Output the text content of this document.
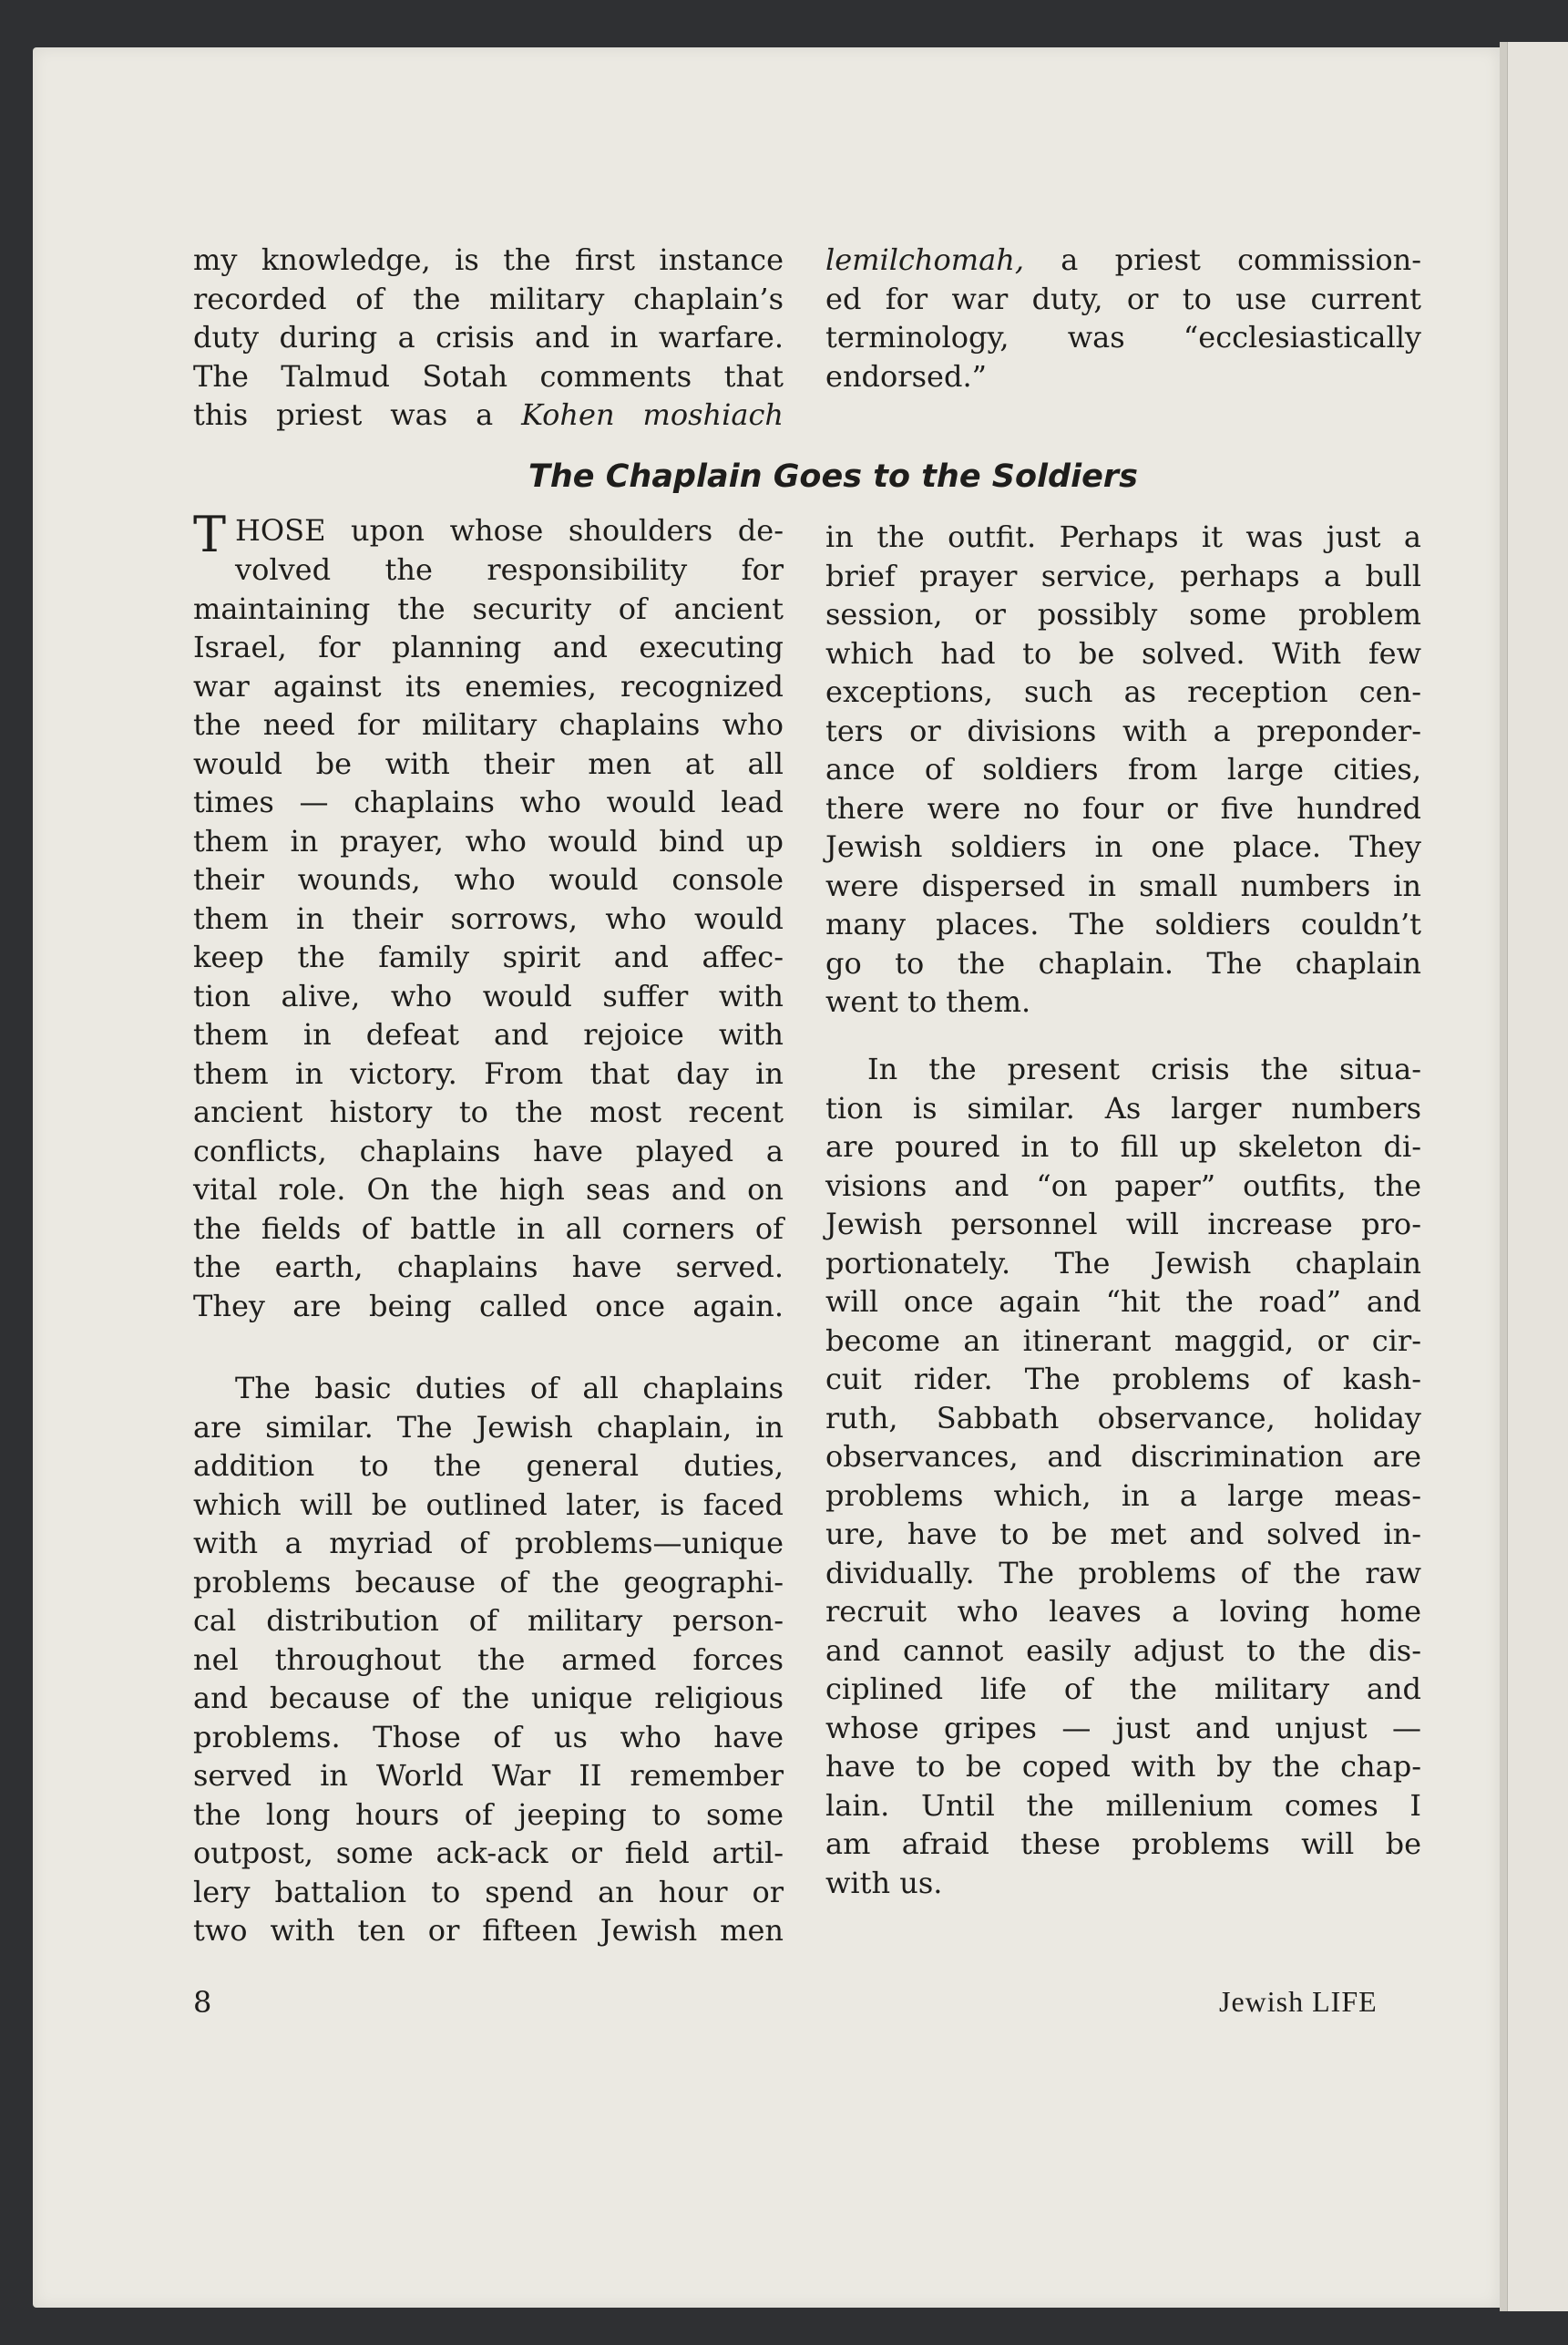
my knowledge, is the first instance
recorded of the military chaplain’s
duty during a crisis and in warfare.
The Talmud Sotah comments that
this priest was a Kohen moshiach
lemilchomah, a priest commission-
ed for war duty, or to use current
terminology, was “ecclesiastically
endorsed.”
The Chaplain Goes to the Soldiers
T HOSE upon whose shoulders de-
volved the responsibility for
maintaining the security of ancient
Israel, for planning and executing
war against its enemies, recognized
the need for military chaplains who
would be with their men at all
times — chaplains who would lead
them in prayer, who would bind up
their wounds, who would console
them in their sorrows, who would
keep the family spirit and affec-
tion alive, who would suffer with
them in defeat and rejoice with
them in victory. From that day in
ancient history to the most recent
conflicts, chaplains have played a
vital role. On the high seas and on
the fields of battle in all corners of
the earth, chaplains have served.
They are being called once again.
The basic duties of all chaplains
are similar. The Jewish chaplain, in
addition to the general duties,
which will be outlined later, is faced
with a myriad of problems—unique
problems because of the geographi-
cal distribution of military person-
nel throughout the armed forces
and because of the unique religious
problems. Those of us who have
served in World War II remember
the long hours of jeeping to some
outpost, some ack-ack or field artil-
lery battalion to spend an hour or
two with ten or fifteen Jewish men
in the outfit. Perhaps it was just a
brief prayer service, perhaps a bull
session, or possibly some problem
which had to be solved. With few
exceptions, such as reception cen-
ters or divisions with a preponder-
ance of soldiers from large cities,
there were no four or five hundred
Jewish soldiers in one place. They
were dispersed in small numbers in
many places. The soldiers couldn’t
go to the chaplain. The chaplain
went to them.
In the present crisis the situa-
tion is similar. As larger numbers
are poured in to fill up skeleton di-
visions and “on paper” outfits, the
Jewish personnel will increase pro-
portionately. The Jewish chaplain
will once again “hit the road” and
become an itinerant maggid, or cir-
cuit rider. The problems of kash-
ruth, Sabbath observance, holiday
observances, and discrimination are
problems which, in a large meas-
ure, have to be met and solved in-
dividually. The problems of the raw
recruit who leaves a loving home
and cannot easily adjust to the dis-
ciplined life of the military and
whose gripes — just and unjust —
have to be coped with by the chap-
lain. Until the millenium comes I
am afraid these problems will be
with us.

8	Jewish LIFE
